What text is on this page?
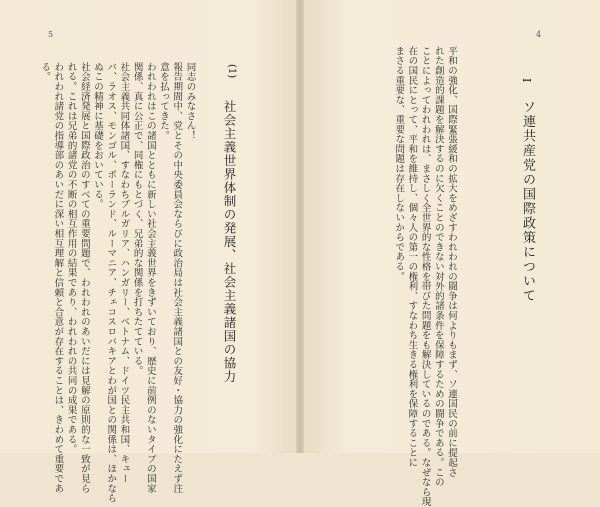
5
同志のみなさん！
報告期間中、党とその中央委員会ならびに政治局は社会主義諸国との友好・協力の強化にたえず注
意を払ってきた。
われわれはこの諸国とともに新しい社会主義世界をきずいており、歴史に前例のないタイプの国家
関係、真に公正で、同権にもとづく、兄弟的な関係を打ちたてている。
社会主義共同体諸国、すなわちブルガリア、ハンガリー、ベトナム、ドイツ民主共和国、キュー
バ、ラオス、モンゴル、ポーランド、ルーマニア、チェコスロバキアとわが国との関係は、ほかなら
ぬこの精神に基礎をおいている。
社会経済発展と国際政治のすべての重要問題で、われわれのあいだには見解の原則的な一致が見ら
れる。これは兄弟的諸党の不断の相互作用の結果であり、われわれの共同の成果である。
われわれ諸党の指導部のあいだに深い相互理解と信頼と合意が存在することは、きわめて重要であ
る。	(1)
社会主義世界体制の発展、社会主義諸国の協力
4
平和の強化、国際緊張緩和の拡大をめざすわれわれの闘争は何よりもまず、ソ連国民の前に提起さ
れた創造的課題を解決するのに欠くことのできない対外的諸条件を保障するための闘争である。この
ことによってわれわれは、まさしく全世界的な性格を帯びた問題をも解決しているのである。なぜなら現
在の国民にとって、平和を維持し、個々人の第一の権利、すなわち生きる権利を保障することに
まさる重要な、重要な問題は存在しないからである。	I
ソ連共産党の国際政策について
